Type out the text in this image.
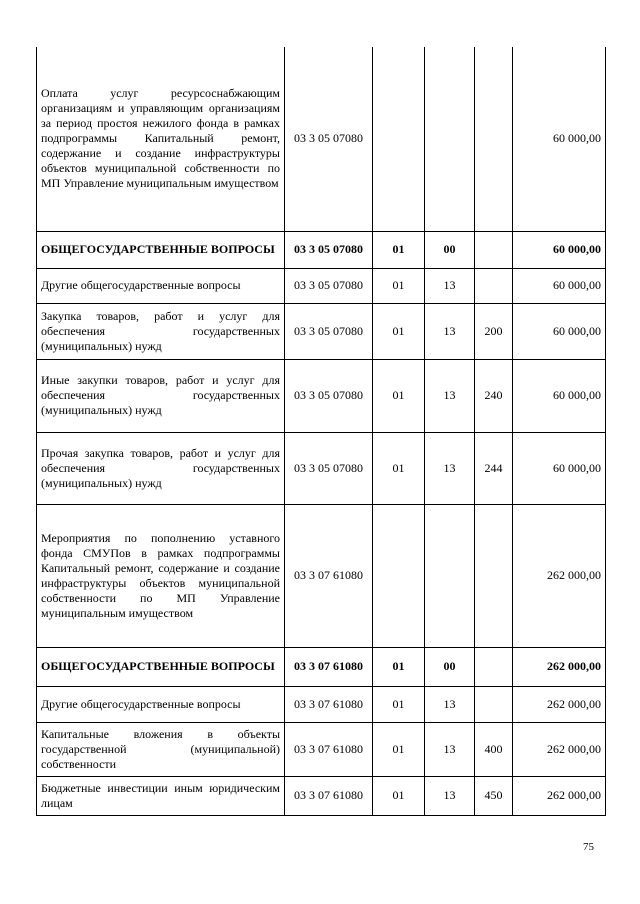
Оплата услуг ресурсоснабжающим организациям и управляющим организациям за период простоя нежилого фонда в рамках подпрограммы Капитальный ремонт, содержание и создание инфраструктуры объектов муниципальной собственности по МП Управление муниципальным имуществом	03 3 05 07080				60 000,00
ОБЩЕГОСУДАРСТВЕННЫЕ ВОПРОСЫ	03 3 05 07080	01	00		60 000,00
Другие общегосударственные вопросы	03 3 05 07080	01	13		60 000,00
Закупка товаров, работ и услуг для обеспечения государственных (муниципальных) нужд	03 3 05 07080	01	13	200	60 000,00
Иные закупки товаров, работ и услуг для обеспечения государственных (муниципальных) нужд	03 3 05 07080	01	13	240	60 000,00
Прочая закупка товаров, работ и услуг для обеспечения государственных (муниципальных) нужд	03 3 05 07080	01	13	244	60 000,00
Мероприятия по пополнению уставного фонда СМУПов в рамках подпрограммы Капитальный ремонт, содержание и создание инфраструктуры объектов муниципальной собственности по МП Управление муниципальным имуществом	03 3 07 61080				262 000,00
ОБЩЕГОСУДАРСТВЕННЫЕ ВОПРОСЫ	03 3 07 61080	01	00		262 000,00
Другие общегосударственные вопросы	03 3 07 61080	01	13		262 000,00
Капитальные вложения в объекты государственной (муниципальной) собственности	03 3 07 61080	01	13	400	262 000,00
Бюджетные инвестиции иным юридическим лицам	03 3 07 61080	01	13	450	262 000,00
75
